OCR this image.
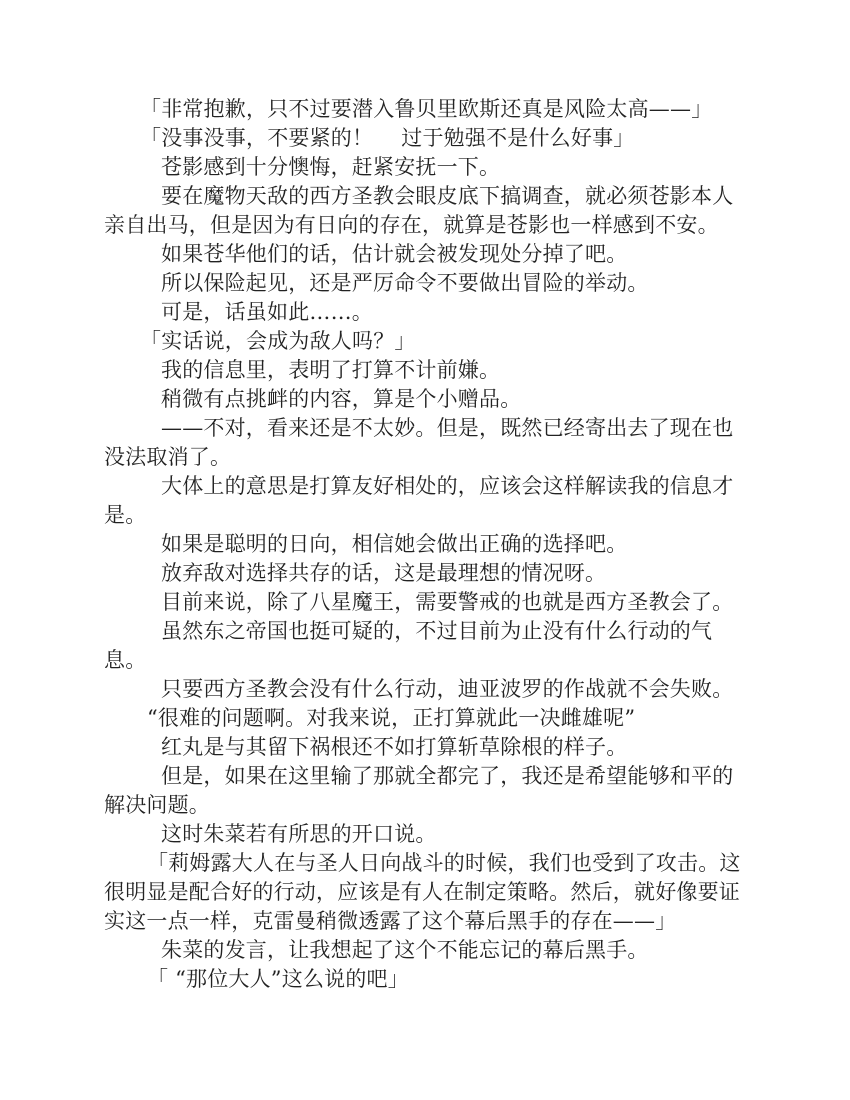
「非常抱歉，只不过要潜入鲁贝里欧斯还真是风险太高——」

「没事没事，不要紧的！　 过于勉强不是什么好事」

苍影感到十分懊悔，赶紧安抚一下。

要在魔物天敌的西方圣教会眼皮底下搞调查，就必须苍影本人亲自出马，但是因为有日向的存在，就算是苍影也一样感到不安。

如果苍华他们的话，估计就会被发现处分掉了吧。

所以保险起见，还是严厉命令不要做出冒险的举动。

可是，话虽如此……。

「实话说，会成为敌人吗？」

我的信息里，表明了打算不计前嫌。

稍微有点挑衅的内容，算是个小赠品。

——不对，看来还是不太妙。但是，既然已经寄出去了现在也没法取消了。

大体上的意思是打算友好相处的，应该会这样解读我的信息才是。

如果是聪明的日向，相信她会做出正确的选择吧。

放弃敌对选择共存的话，这是最理想的情况呀。

目前来说，除了八星魔王，需要警戒的也就是西方圣教会了。

虽然东之帝国也挺可疑的，不过目前为止没有什么行动的气息。

只要西方圣教会没有什么行动，迪亚波罗的作战就不会失败。

“很难的问题啊。对我来说，正打算就此一决雌雄呢”

红丸是与其留下祸根还不如打算斩草除根的样子。

但是，如果在这里输了那就全都完了，我还是希望能够和平的解决问题。

这时朱菜若有所思的开口说。

「莉姆露大人在与圣人日向战斗的时候，我们也受到了攻击。这很明显是配合好的行动，应该是有人在制定策略。然后，就好像要证实这一点一样，克雷曼稍微透露了这个幕后黑手的存在——」

朱菜的发言，让我想起了这个不能忘记的幕后黑手。

「 “那位大人”这么说的吧」
